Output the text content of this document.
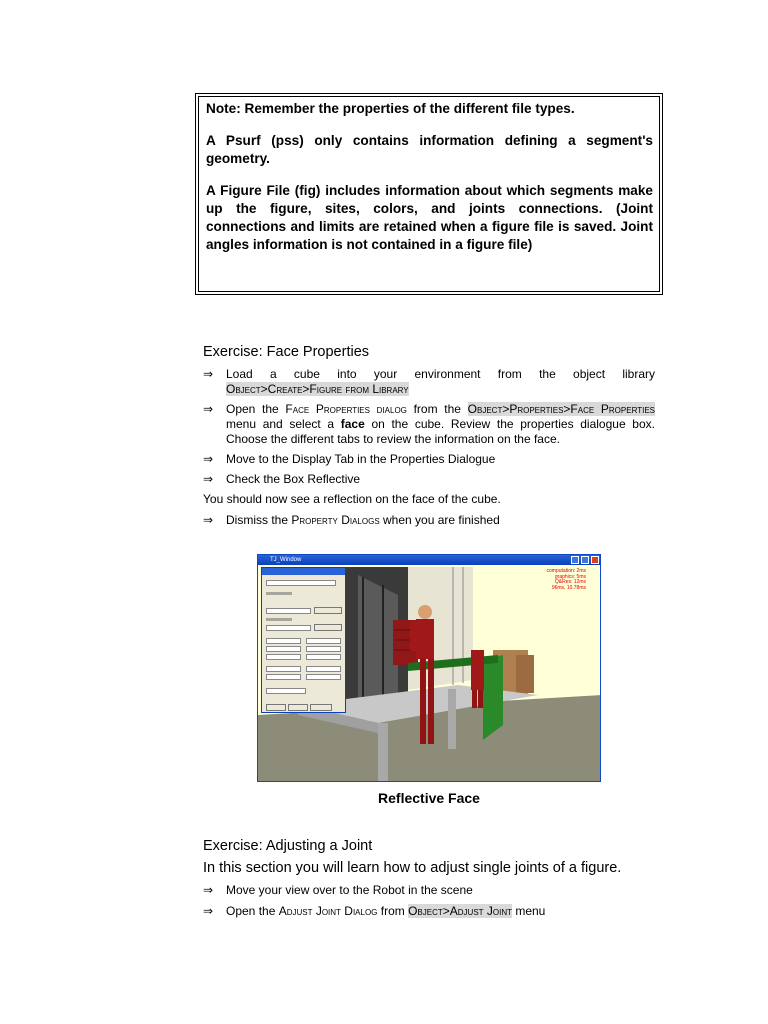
Note: Remember the properties of the different file types.

A Psurf (pss) only contains information defining a segment's geometry.

A Figure File (fig) includes information about which segments make up the figure, sites, colors, and joints connections. (Joint connections and limits are retained when a figure file is saved. Joint angles information is not contained in a figure file)

Exercise: Face Properties

⇒ Load a cube into your environment from the object library
Object>Create>Figure from Library
⇒ Open the Face Properties dialog from the Object>Properties>Face Properties menu and select a face on the cube. Review the properties dialogue box. Choose the different tabs to review the information on the face.
⇒ Move to the Display Tab in the Properties Dialogue
⇒ Check the Box Reflective

You should now see a reflection on the face of the cube.

⇒ Dismiss the Property Dialogs when you are finished
TJ_Window
computation: 2ms
graphics: 5ms
Q&Res: 12ms
96ms, 10.78ms
Reflective Face

Exercise: Adjusting a Joint

In this section you will learn how to adjust single joints of a figure.

⇒ Move your view over to the Robot in the scene
⇒ Open the Adjust Joint Dialog from Object>Adjust Joint menu
